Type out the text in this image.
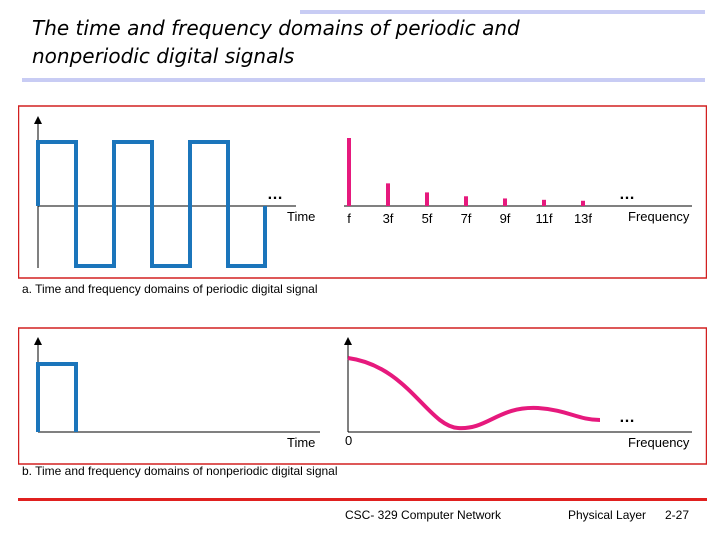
The time and frequency domains of periodic and
nonperiodic digital signals
…
Time f 3f 5f 7f 9f 11f 13f
…
Frequency
a. Time and frequency domains of periodic digital signal
Time
…
0	Frequency
b. Time and frequency domains of nonperiodic digital signal
CSC- 329 Computer Network	Physical Layer 2-27
